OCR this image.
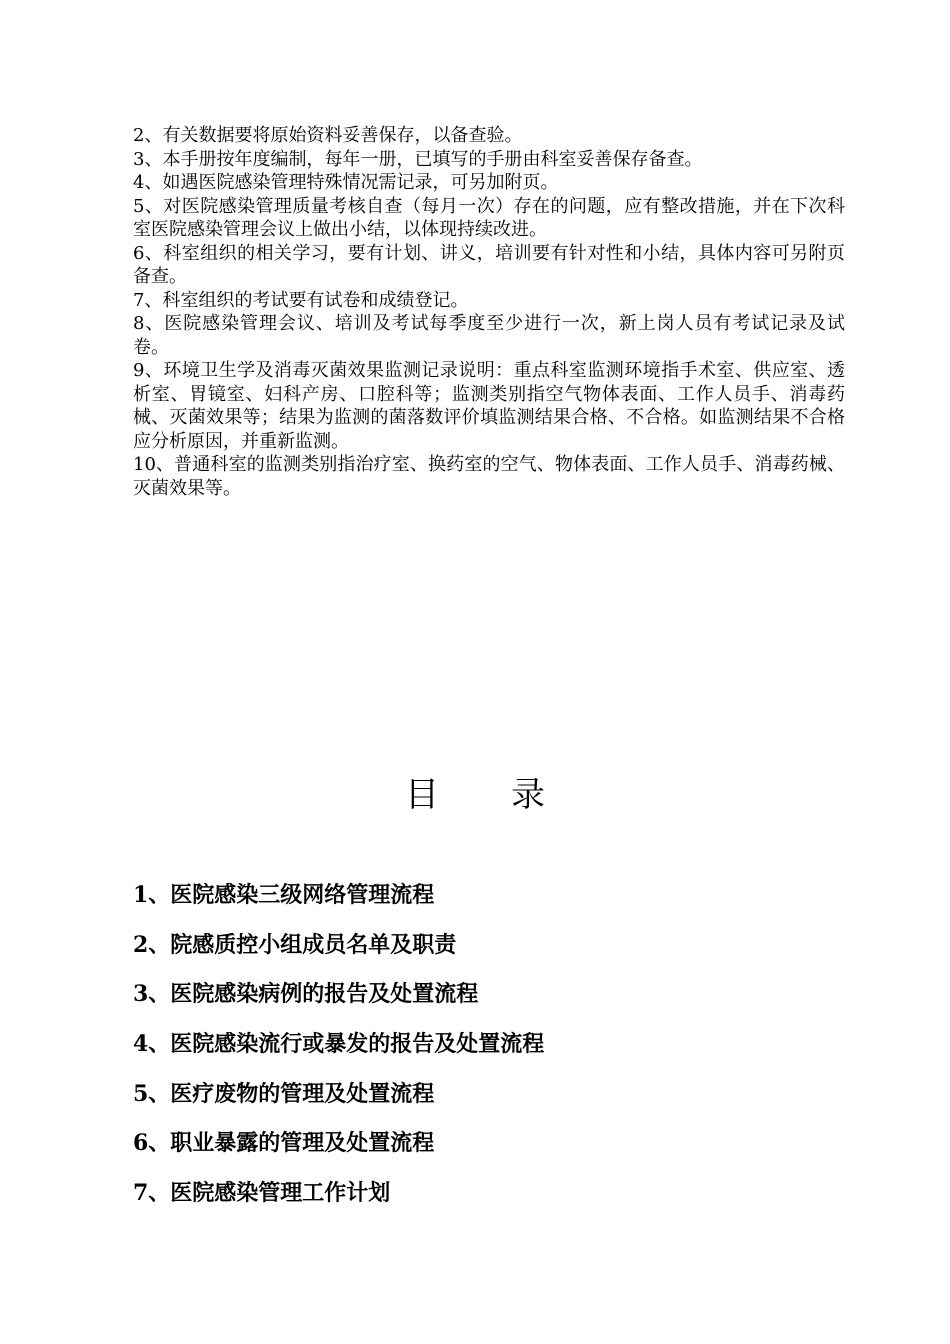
2、有关数据要将原始资料妥善保存，以备查验。
3、本手册按年度编制，每年一册，已填写的手册由科室妥善保存备查。
4、如遇医院感染管理特殊情况需记录，可另加附页。
5、对医院感染管理质量考核自查（每月一次）存在的问题，应有整改措施，并在下次科室医院感染管理会议上做出小结，以体现持续改进。
6、科室组织的相关学习，要有计划、讲义，培训要有针对性和小结，具体内容可另附页备查。
7、科室组织的考试要有试卷和成绩登记。
8、医院感染管理会议、培训及考试每季度至少进行一次，新上岗人员有考试记录及试卷。
9、环境卫生学及消毒灭菌效果监测记录说明：重点科室监测环境指手术室、供应室、透析室、胃镜室、妇科产房、口腔科等；监测类别指空气物体表面、工作人员手、消毒药械、灭菌效果等；结果为监测的菌落数评价填监测结果合格、不合格。如监测结果不合格应分析原因，并重新监测。
10、普通科室的监测类别指治疗室、换药室的空气、物体表面、工作人员手、消毒药械、灭菌效果等。
目录
1、医院感染三级网络管理流程
2、院感质控小组成员名单及职责
3、医院感染病例的报告及处置流程
4、医院感染流行或暴发的报告及处置流程
5、医疗废物的管理及处置流程
6、职业暴露的管理及处置流程
7、医院感染管理工作计划
